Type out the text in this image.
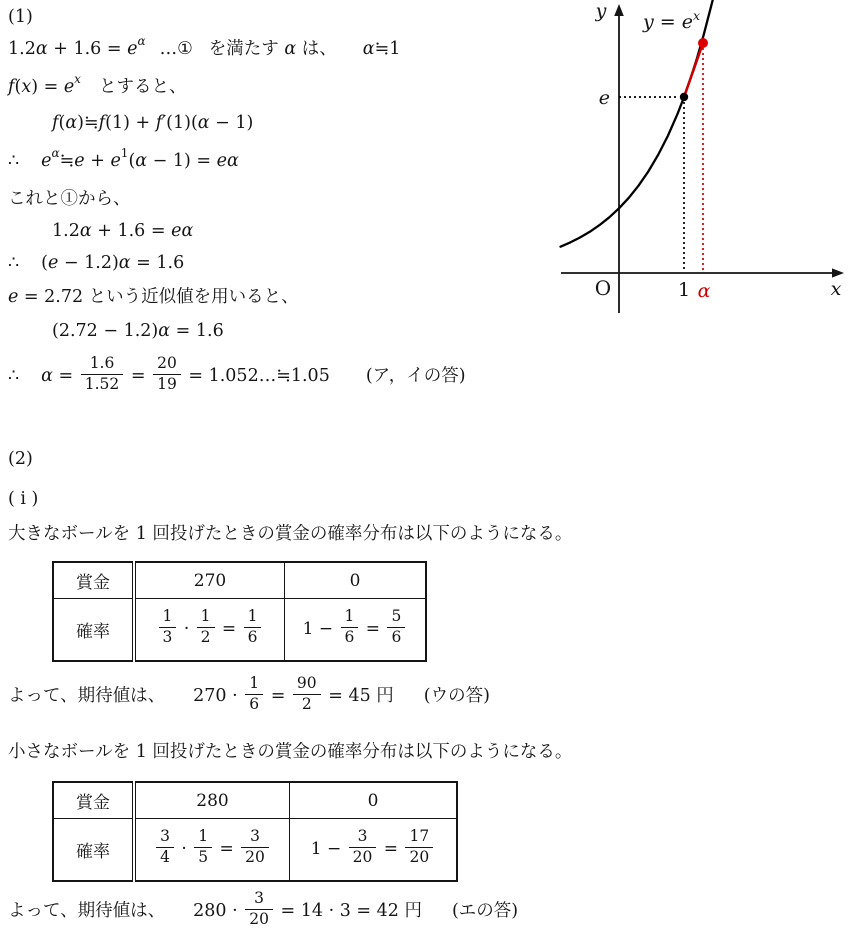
(1)
$1.2\alpha + 1.6 = e^\alpha$ …① を満たす α は、 α≒1
$f(x) = e^x$ とすると、
f(α)≒f(1) + f′(1)(α − 1)
∴ $e^\alpha≒e + e^1(\alpha - 1) = e\alpha$
これと①から、
1.2α + 1.6 = eα
∴ (e − 1.2)α = 1.6
e = 2.72 という近似値を用いると、
(2.72 − 1.2)α = 1.6
∴ $\alpha = \frac{1.6}{1.52} = \frac{20}{19}$ = 1.052…≒1.05 (ア，イの答)
y $y = e^x$
e
O	1 α	x
(2)
( i )
大きなボールを 1 回投げたときの賞金の確率分布は以下のようになる。
賞金	270	0
確率	$\frac{1}{3} \cdot \frac{1}{2} = \frac{1}{6}$	$1 - \frac{1}{6} = \frac{5}{6}$
よって、期待値は、 $270 \cdot \frac{1}{6} = \frac{90}{2} = 45$ 円 (ウの答)
小さなボールを 1 回投げたときの賞金の確率分布は以下のようになる。
賞金	280	0
確率	$\frac{3}{4} \cdot \frac{1}{5} = \frac{3}{20}$	$1 - \frac{3}{20} = \frac{17}{20}$
よって、期待値は、 $280 \cdot \frac{3}{20} = 14 \cdot 3 = 42$ 円 (エの答)
